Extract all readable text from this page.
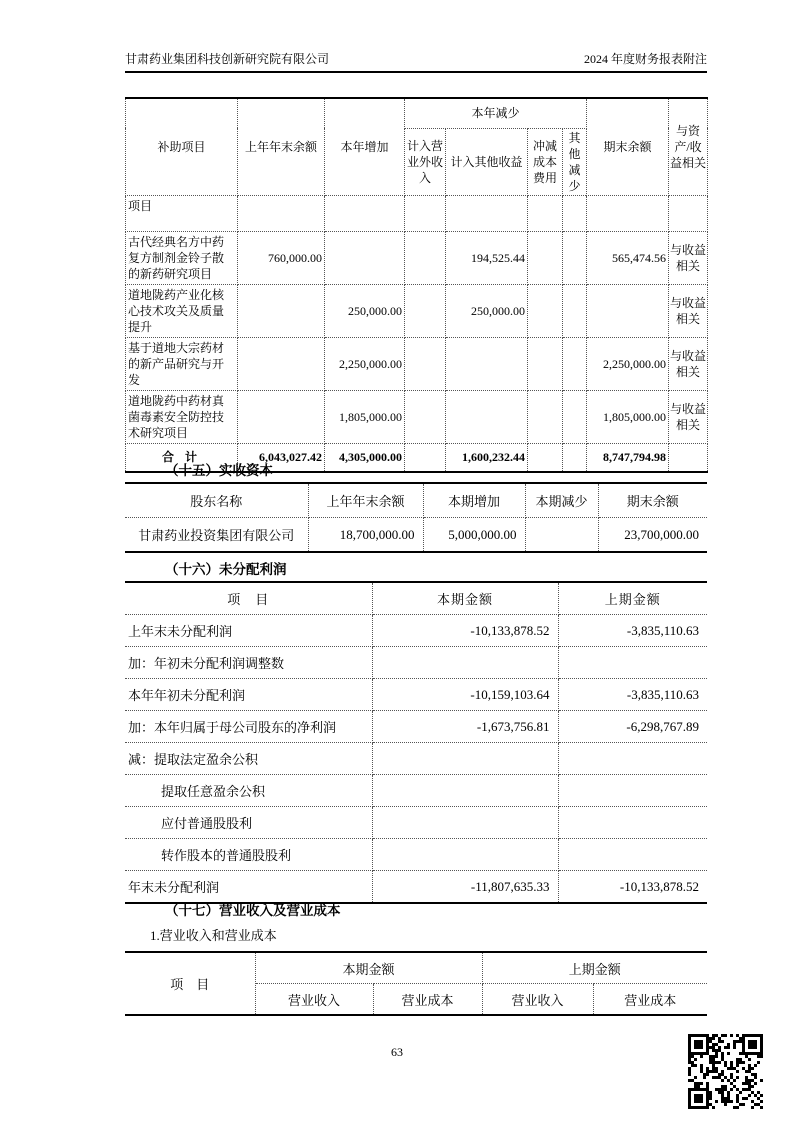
甘肃药业集团科技创新研究院有限公司	2024 年度财务报表附注
补助项目	上年年末余额	本年增加	本年减少				期末余额	与资产/收益相关
			计入营业外收入	计入其他收益	冲减成本费用	其他减少		
项目								
古代经典名方中药复方制剂金铃子散的新药研究项目	760,000.00			194,525.44			565,474.56	与收益相关
道地陇药产业化核心技术攻关及质量提升		250,000.00		250,000.00				与收益相关
基于道地大宗药材的新产品研究与开发		2,250,000.00					2,250,000.00	与收益相关
道地陇药中药材真菌毒素安全防控技术研究项目		1,805,000.00					1,805,000.00	与收益相关
合 计	6,043,027.42	4,305,000.00		1,600,232.44			8,747,794.98	
（十五）实收资本
股东名称	上年年末余额	本期增加	本期减少	期末余额
甘肃药业投资集团有限公司	18,700,000.00	5,000,000.00		23,700,000.00
（十六）未分配利润
项　目	本期金额	上期金额
上年末未分配利润	-10,133,878.52	-3,835,110.63
加：年初未分配利润调整数		
本年年初未分配利润	-10,159,103.64	-3,835,110.63
加：本年归属于母公司股东的净利润	-1,673,756.81	-6,298,767.89
减：提取法定盈余公积		
提取任意盈余公积		
应付普通股股利		
转作股本的普通股股利		
年末未分配利润	-11,807,635.33	-10,133,878.52
（十七）营业收入及营业成本
1.营业收入和营业成本
项　目	本期金额		上期金额	
	营业收入	营业成本	营业收入	营业成本
63
